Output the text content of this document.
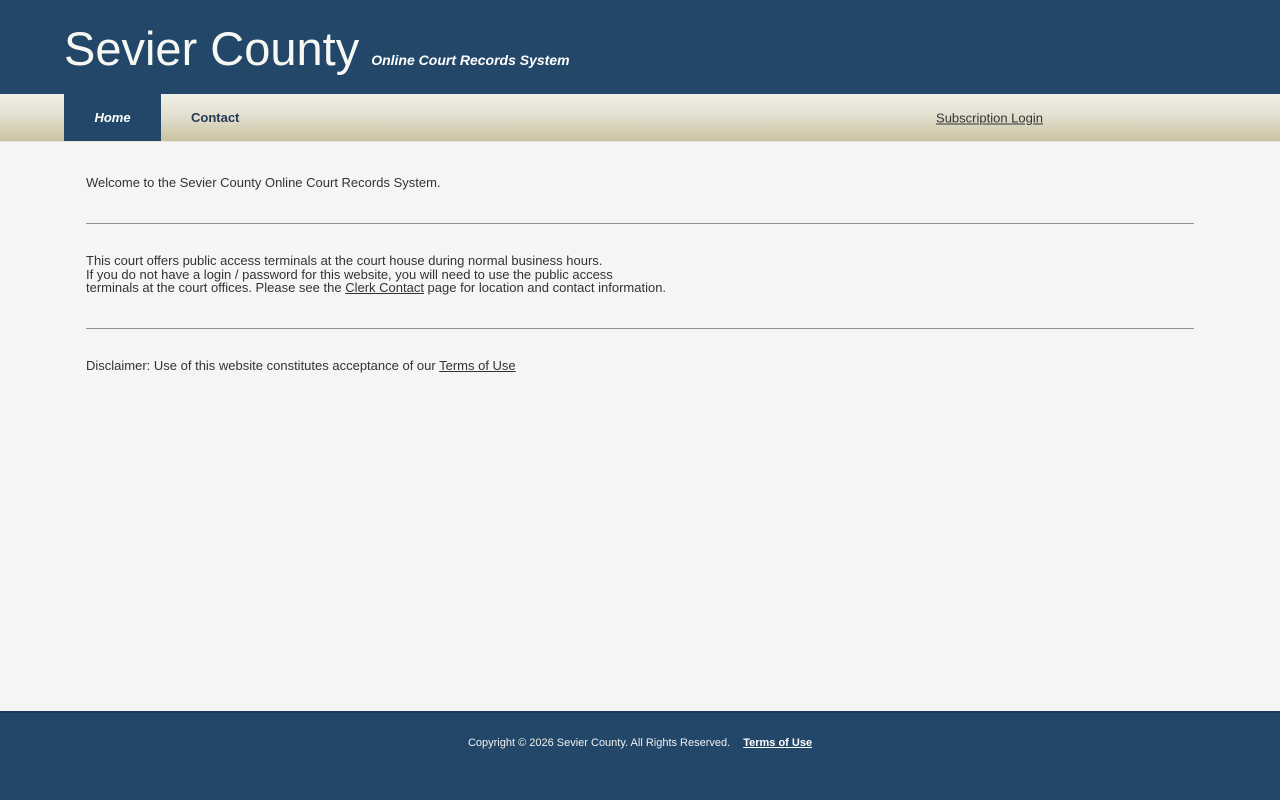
Sevier County Online Court Records System
Home	Contact	Subscription Login

Welcome to the Sevier County Online Court Records System.

This court offers public access terminals at the court house during normal business hours.
If you do not have a login / password for this website, you will need to use the public access
terminals at the court offices. Please see the Clerk Contact page for location and contact information.

Disclaimer: Use of this website constitutes acceptance of our Terms of Use

Copyright © 2026 Sevier County. All Rights Reserved. Terms of Use
